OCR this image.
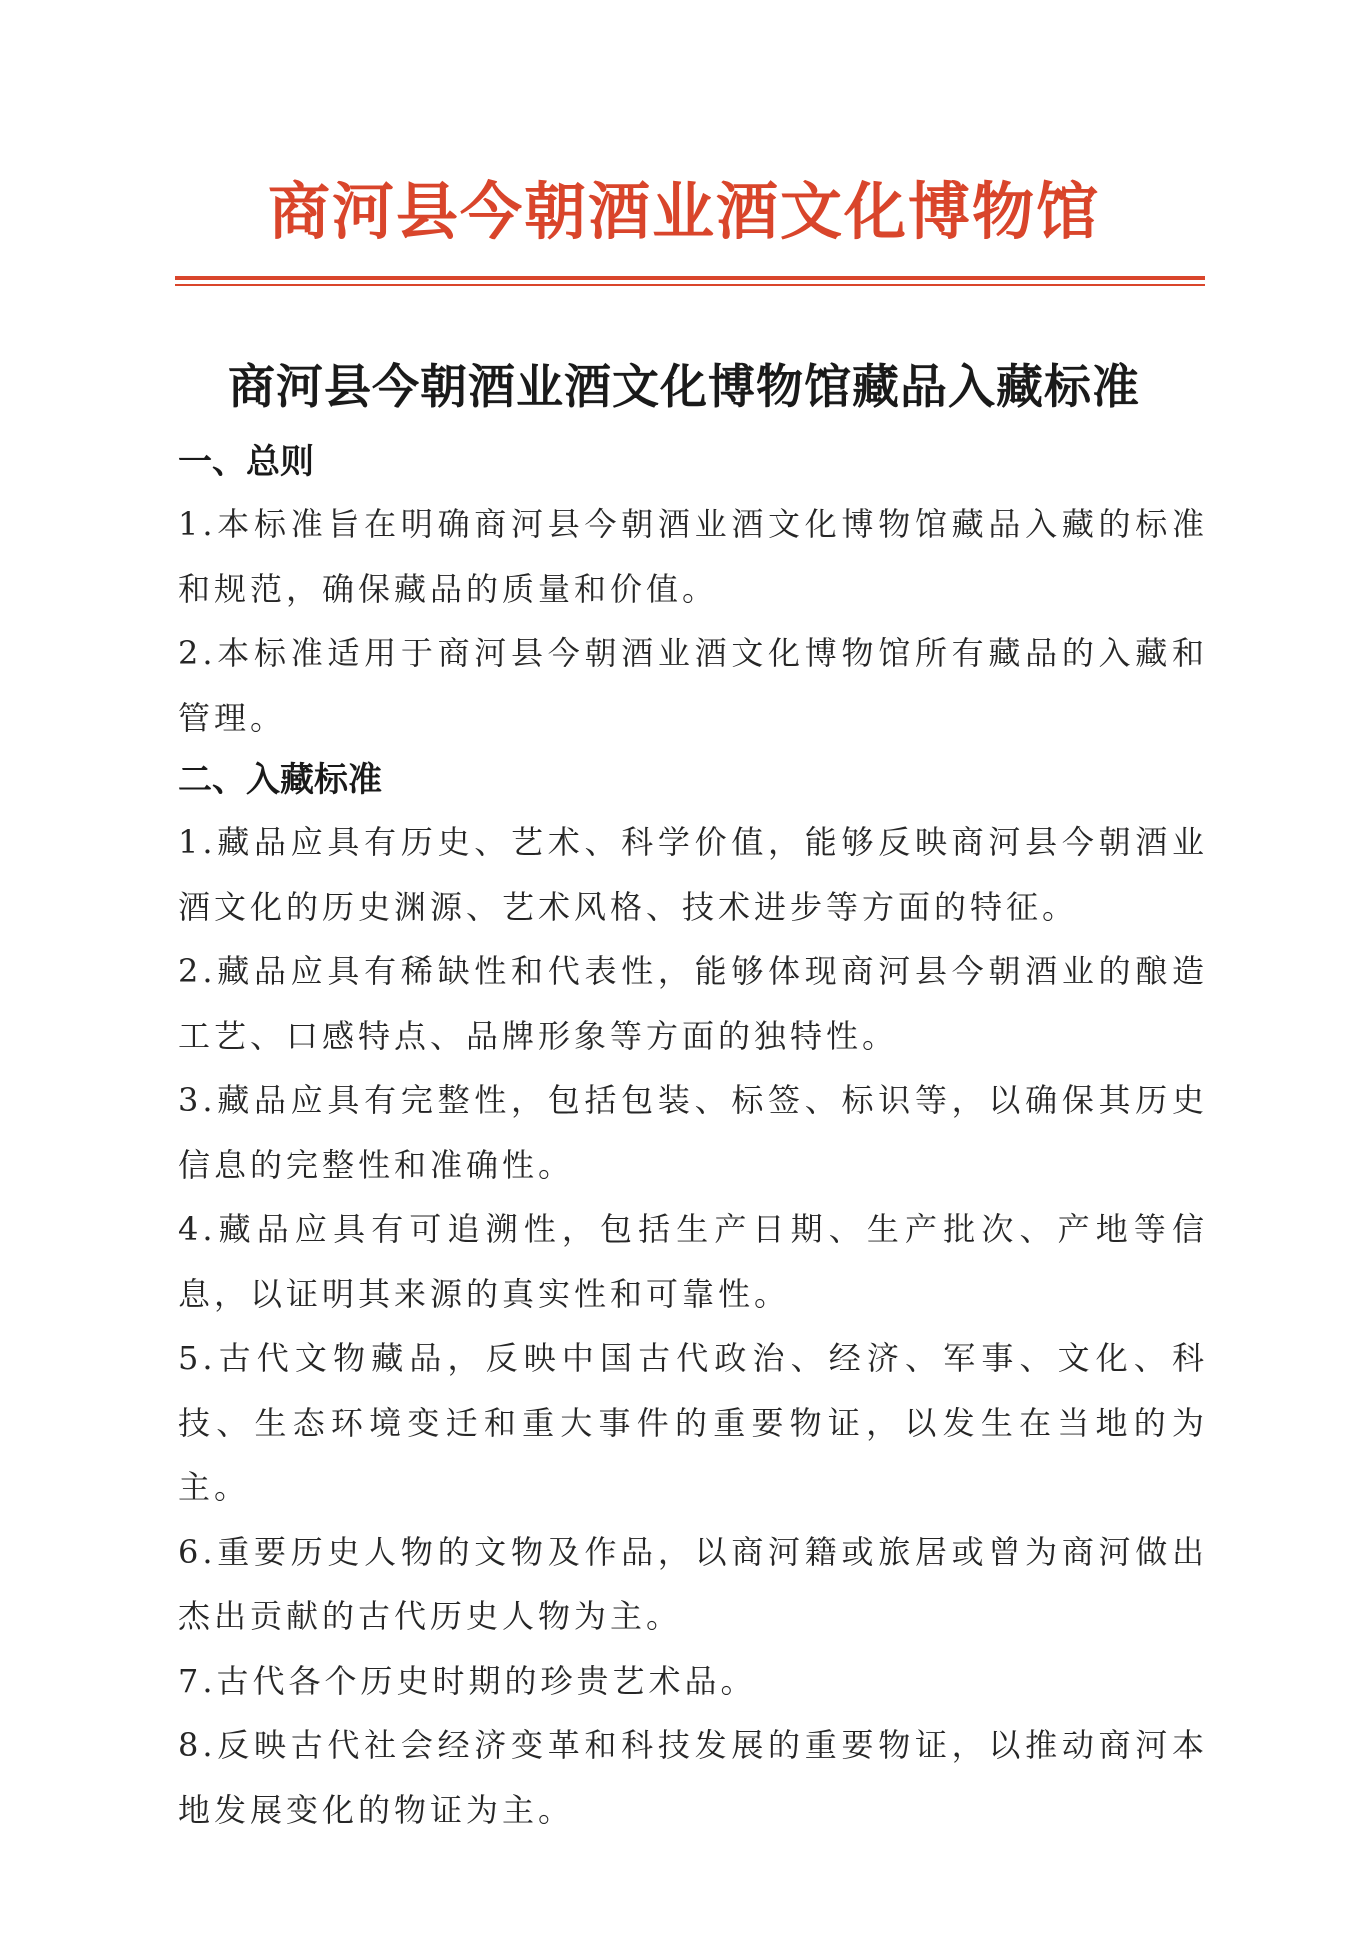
商河县今朝酒业酒文化博物馆
商河县今朝酒业酒文化博物馆藏品入藏标准
一、总则

1.本标准旨在明确商河县今朝酒业酒文化博物馆藏品入藏的标准和规范，确保藏品的质量和价值。

2.本标准适用于商河县今朝酒业酒文化博物馆所有藏品的入藏和管理。

二、入藏标准

1.藏品应具有历史、艺术、科学价值，能够反映商河县今朝酒业酒文化的历史渊源、艺术风格、技术进步等方面的特征。

2.藏品应具有稀缺性和代表性，能够体现商河县今朝酒业的酿造工艺、口感特点、品牌形象等方面的独特性。

3.藏品应具有完整性，包括包装、标签、标识等，以确保其历史信息的完整性和准确性。

4.藏品应具有可追溯性，包括生产日期、生产批次、产地等信息，以证明其来源的真实性和可靠性。

5.古代文物藏品，反映中国古代政治、经济、军事、文化、科技、生态环境变迁和重大事件的重要物证，以发生在当地的为主。

6.重要历史人物的文物及作品，以商河籍或旅居或曾为商河做出杰出贡献的古代历史人物为主。

7.古代各个历史时期的珍贵艺术品。

8.反映古代社会经济变革和科技发展的重要物证，以推动商河本地发展变化的物证为主。
